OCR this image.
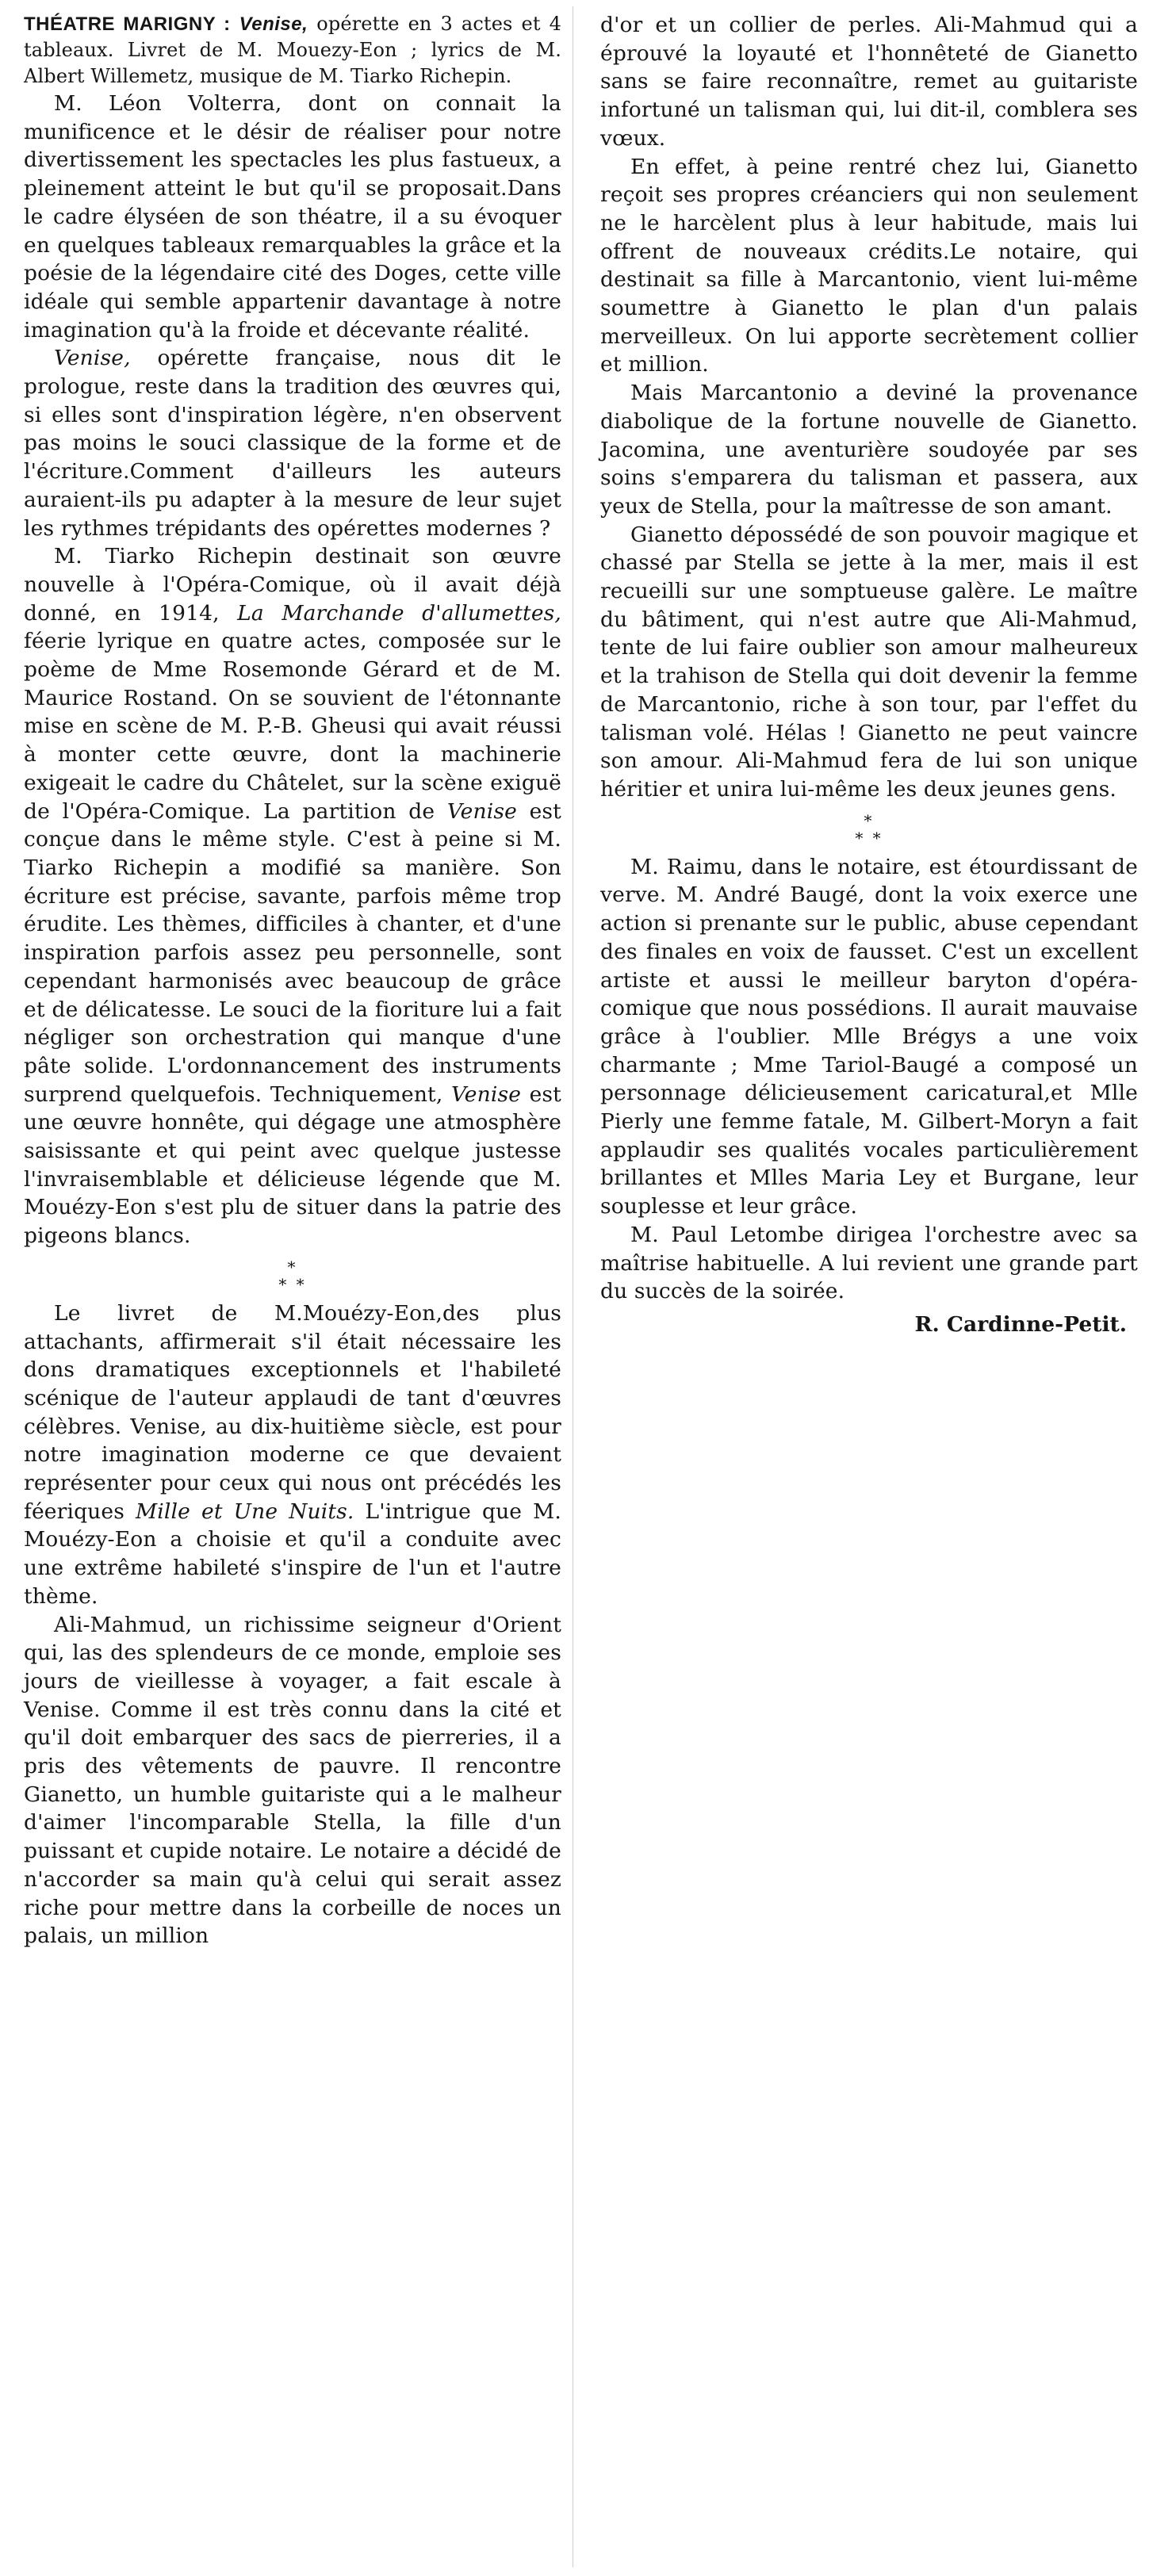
THÉATRE MARIGNY : Venise, opérette en 3 actes et 4 tableaux. Livret de M. Mouezy-Eon ; lyrics de M. Albert Willemetz, musique de M. Tiarko Richepin.

M. Léon Volterra, dont on connait la munificence et le désir de réaliser pour notre divertissement les spectacles les plus fastueux, a pleinement atteint le but qu'il se proposait.Dans le cadre élyséen de son théatre, il a su évoquer en quelques tableaux remarquables la grâce et la poésie de la légendaire cité des Doges, cette ville idéale qui semble appartenir davantage à notre imagination qu'à la froide et décevante réalité.

Venise, opérette française, nous dit le prologue, reste dans la tradition des œuvres qui, si elles sont d'inspiration légère, n'en observent pas moins le souci classique de la forme et de l'écriture.Comment d'ailleurs les auteurs auraient-ils pu adapter à la mesure de leur sujet les rythmes trépidants des opérettes modernes ?

M. Tiarko Richepin destinait son œuvre nouvelle à l'Opéra-Comique, où il avait déjà donné, en 1914, La Marchande d'allumettes, féerie lyrique en quatre actes, composée sur le poème de Mme Rosemonde Gérard et de M. Maurice Rostand. On se souvient de l'étonnante mise en scène de M. P.-B. Gheusi qui avait réussi à monter cette œuvre, dont la machinerie exigeait le cadre du Châtelet, sur la scène exiguë de l'Opéra-Comique. La partition de Venise est conçue dans le même style. C'est à peine si M. Tiarko Richepin a modifié sa manière. Son écriture est précise, savante, parfois même trop érudite. Les thèmes, difficiles à chanter, et d'une inspiration parfois assez peu personnelle, sont cependant harmonisés avec beaucoup de grâce et de délicatesse. Le souci de la fioriture lui a fait négliger son orchestration qui manque d'une pâte solide. L'ordonnancement des instruments surprend quelquefois. Techniquement, Venise est une œuvre honnête, qui dégage une atmosphère saisissante et qui peint avec quelque justesse l'invraisemblable et délicieuse légende que M. Mouézy-Eon s'est plu de situer dans la patrie des pigeons blancs.

*
* *

Le livret de M.Mouézy-Eon,des plus attachants, affirmerait s'il était nécessaire les dons dramatiques exceptionnels et l'habileté scénique de l'auteur applaudi de tant d'œuvres célèbres. Venise, au dix-huitième siècle, est pour notre imagination moderne ce que devaient représenter pour ceux qui nous ont précédés les féeriques Mille et Une Nuits. L'intrigue que M. Mouézy-Eon a choisie et qu'il a conduite avec une extrême habileté s'inspire de l'un et l'autre thème.

Ali-Mahmud, un richissime seigneur d'Orient qui, las des splendeurs de ce monde, emploie ses jours de vieillesse à voyager, a fait escale à Venise. Comme il est très connu dans la cité et qu'il doit embarquer des sacs de pierreries, il a pris des vêtements de pauvre. Il rencontre Gianetto, un humble guitariste qui a le malheur d'aimer l'incomparable Stella, la fille d'un puissant et cupide notaire. Le notaire a décidé de n'accorder sa main qu'à celui qui serait assez riche pour mettre dans la corbeille de noces un palais, un million

d'or et un collier de perles. Ali-Mahmud qui a éprouvé la loyauté et l'honnêteté de Gianetto sans se faire reconnaître, remet au guitariste infortuné un talisman qui, lui dit-il, comblera ses vœux.

En effet, à peine rentré chez lui, Gianetto reçoit ses propres créanciers qui non seulement ne le harcèlent plus à leur habitude, mais lui offrent de nouveaux crédits.Le notaire, qui destinait sa fille à Marcantonio, vient lui-même soumettre à Gianetto le plan d'un palais merveilleux. On lui apporte secrètement collier et million.

Mais Marcantonio a deviné la provenance diabolique de la fortune nouvelle de Gianetto. Jacomina, une aventurière soudoyée par ses soins s'emparera du talisman et passera, aux yeux de Stella, pour la maîtresse de son amant.

Gianetto dépossédé de son pouvoir magique et chassé par Stella se jette à la mer, mais il est recueilli sur une somptueuse galère. Le maître du bâtiment, qui n'est autre que Ali-Mahmud, tente de lui faire oublier son amour malheureux et la trahison de Stella qui doit devenir la femme de Marcantonio, riche à son tour, par l'effet du talisman volé. Hélas ! Gianetto ne peut vaincre son amour. Ali-Mahmud fera de lui son unique héritier et unira lui-même les deux jeunes gens.

*
* *

M. Raimu, dans le notaire, est étourdissant de verve. M. André Baugé, dont la voix exerce une action si prenante sur le public, abuse cependant des finales en voix de fausset. C'est un excellent artiste et aussi le meilleur baryton d'opéra-comique que nous possédions. Il aurait mauvaise grâce à l'oublier. Mlle Brégys a une voix charmante ; Mme Tariol-Baugé a composé un personnage délicieusement caricatural,et Mlle Pierly une femme fatale, M. Gilbert-Moryn a fait applaudir ses qualités vocales particulièrement brillantes et Mlles Maria Ley et Burgane, leur souplesse et leur grâce.

M. Paul Letombe dirigea l'orchestre avec sa maîtrise habituelle. A lui revient une grande part du succès de la soirée.

R. Cardinne-Petit.
